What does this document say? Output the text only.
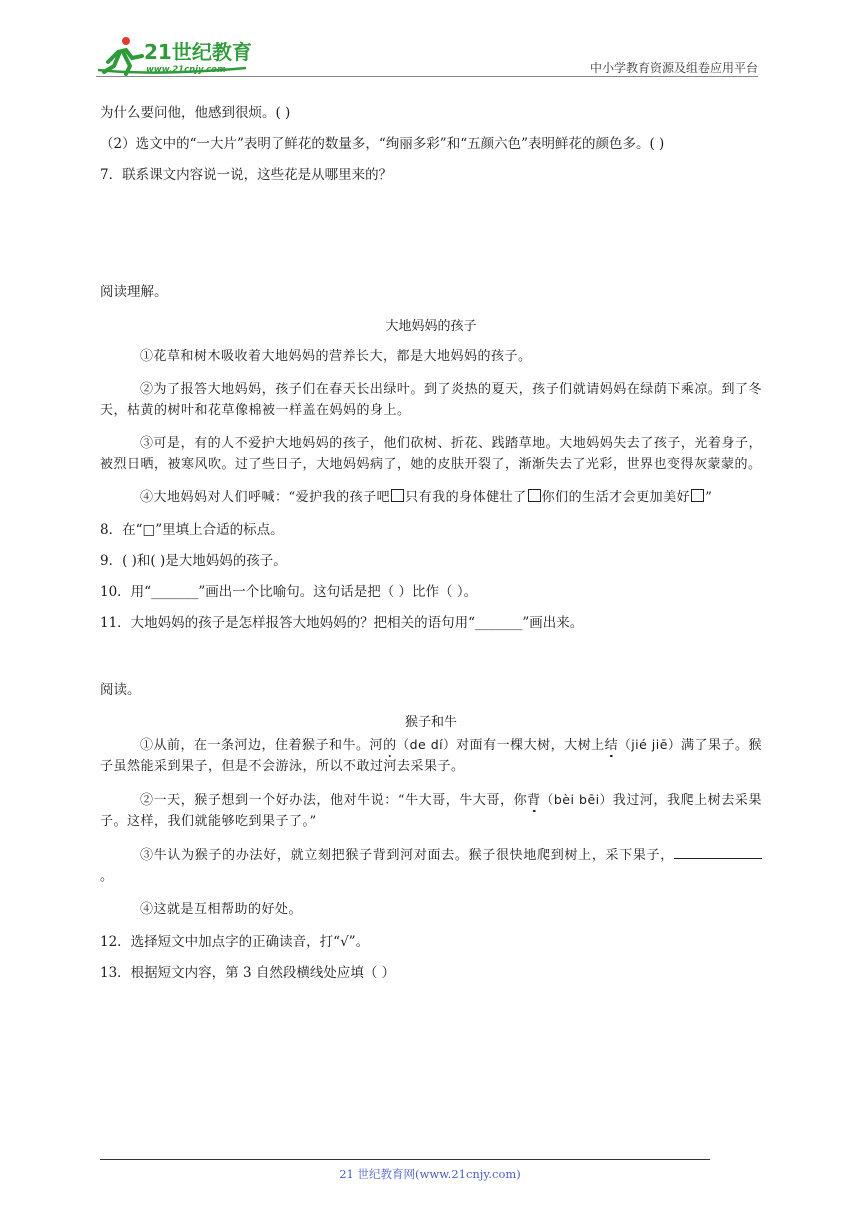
21世纪教育
www.21cnjy.com	中小学教育资源及组卷应用平台

为什么要问他，他感到很烦。( )

（2）选文中的“一大片”表明了鲜花的数量多，“绚丽多彩”和“五颜六色”表明鲜花的颜色多。( )

7．联系课文内容说一说，这些花是从哪里来的？

阅读理解。

大地妈妈的孩子

①花草和树木吸收着大地妈妈的营养长大，都是大地妈妈的孩子。

②为了报答大地妈妈，孩子们在春天长出绿叶。到了炎热的夏天，孩子们就请妈妈在绿荫下乘凉。到了冬天，枯黄的树叶和花草像棉被一样盖在妈妈的身上。

③可是，有的人不爱护大地妈妈的孩子，他们砍树、折花、践踏草地。大地妈妈失去了孩子，光着身子，被烈日晒，被寒风吹。过了些日子，大地妈妈病了，她的皮肤开裂了，渐渐失去了光彩，世界也变得灰蒙蒙的。

④大地妈妈对人们呼喊：“爱护我的孩子吧 只有我的身体健壮了 你们的生活才会更加美好 ”

8．在“□”里填上合适的标点。

9．( )和( )是大地妈妈的孩子。

10．用“_______”画出一个比喻句。这句话是把（ ）比作（ ）。

11．大地妈妈的孩子是怎样报答大地妈妈的？把相关的语句用“_______”画出来。

阅读。

猴子和牛

①从前，在一条河边，住着猴子和牛。河的（de dí）对面有一棵大树，大树上结（jié jiē）满了果子。猴子虽然能采到果子，但是不会游泳，所以不敢过河去采果子。

②一天，猴子想到一个好办法，他对牛说：“牛大哥，牛大哥，你背（bèi bēi）我过河，我爬上树去采果子。这样，我们就能够吃到果子了。”

③牛认为猴子的办法好，就立刻把猴子背到河对面去。猴子很快地爬到树上，采下果子，。

④这就是互相帮助的好处。

12．选择短文中加点字的正确读音，打“√”。

13．根据短文内容，第 3 自然段横线处应填（ ）

21 世纪教育网(www.21cnjy.com)
